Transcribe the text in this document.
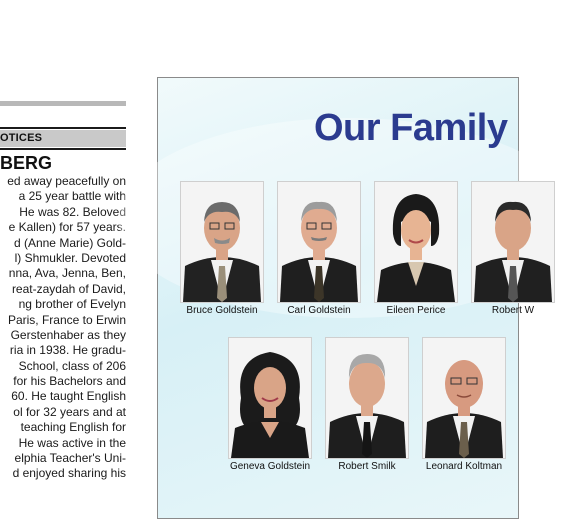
OTICES
BERG
ed away peacefully on
a 25 year battle with
He was 82. Beloved
e Kallen) for 57 years.
d (Anne Marie) Gold-
l) Shmukler. Devoted
nna, Ava, Jenna, Ben,
reat-zaydah of David,
ng brother of Evelyn
Paris, France to Erwin
Gerstenhaber as they
ria in 1938. He gradu-
School, class of 206
for his Bachelors and
60. He taught English
ol for 32 years and at
teaching English for
He was active in the
elphia Teacher's Uni-
d enjoyed sharing his
Our Family
Bruce Goldstein	Carl Goldstein	Eileen Perice	Robert W
Geneva Goldstein	Robert Smilk	Leonard Koltman
